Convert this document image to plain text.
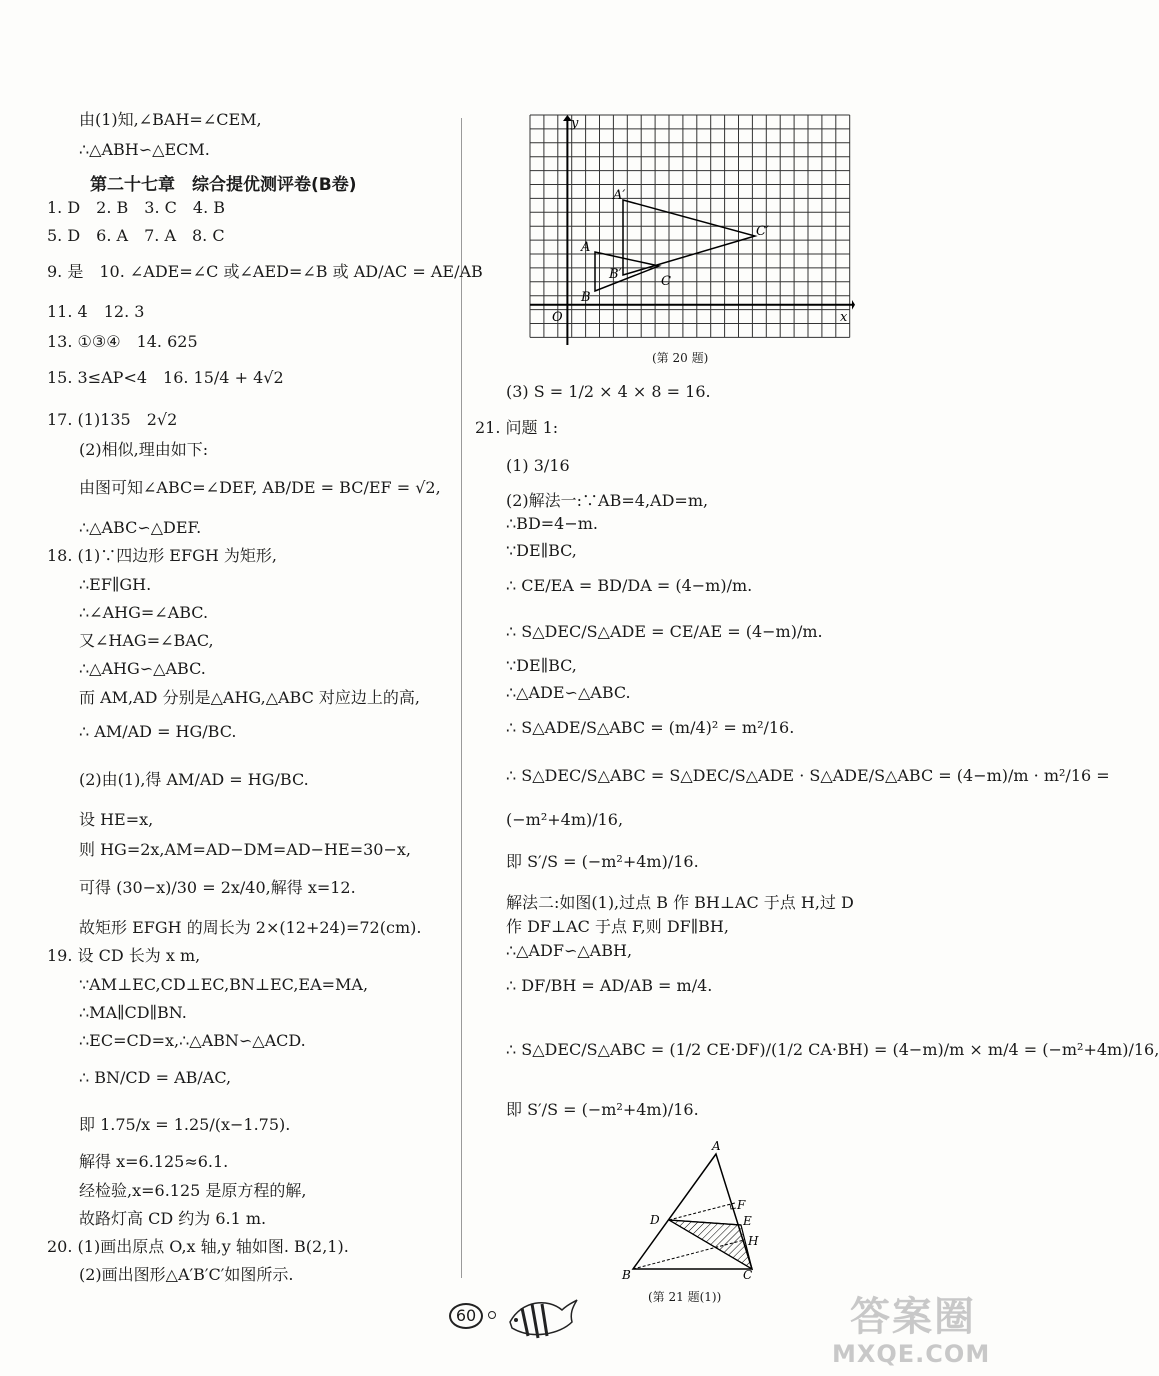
由(1)知,∠BAH=∠CEM,
∴△ABH∽△ECM.
第二十七章　综合提优测评卷(B卷)
1. D　2. B　3. C　4. B
5. D　6. A　7. A　8. C
9. 是　10. ∠ADE=∠C 或∠AED=∠B 或 AD/AC = AE/AB
11. 4　12. 3
13. ①③④　14. 625
15. 3≤AP<4　16. 15/4 + 4√2
17. (1)135　2√2
(2)相似,理由如下:
由图可知∠ABC=∠DEF, AB/DE = BC/EF = √2,
∴△ABC∽△DEF.
18. (1)∵四边形 EFGH 为矩形,
∴EF∥GH.
∴∠AHG=∠ABC.
又∠HAG=∠BAC,
∴△AHG∽△ABC.
而 AM,AD 分别是△AHG,△ABC 对应边上的高,
∴ AM/AD = HG/BC.
(2)由(1),得 AM/AD = HG/BC.
设 HE=x,
则 HG=2x,AM=AD−DM=AD−HE=30−x,
可得 (30−x)/30 = 2x/40,解得 x=12.
故矩形 EFGH 的周长为 2×(12+24)=72(cm).
19. 设 CD 长为 x m,
∵AM⊥EC,CD⊥EC,BN⊥EC,EA=MA,
∴MA∥CD∥BN.
∴EC=CD=x,∴△ABN∽△ACD.
∴ BN/CD = AB/AC,
即 1.75/x = 1.25/(x−1.75).
解得 x=6.125≈6.1.
经检验,x=6.125 是原方程的解,
故路灯高 CD 约为 6.1 m.
20. (1)画出原点 O,x 轴,y 轴如图. B(2,1).
(2)画出图形△A′B′C′如图所示.
y
x
O
A′
C′
A
B′	C
B
(第 20 题)
(3) S = 1/2 × 4 × 8 = 16.
21. 问题 1:
(1) 3/16
(2)解法一:∵AB=4,AD=m,
∴BD=4−m.
∵DE∥BC,
∴ CE/EA = BD/DA = (4−m)/m.
∴ S△DEC/S△ADE = CE/AE = (4−m)/m.
∵DE∥BC,
∴△ADE∽△ABC.
∴ S△ADE/S△ABC = (m/4)² = m²/16.
∴ S△DEC/S△ABC = S△DEC/S△ADE · S△ADE/S△ABC = (4−m)/m · m²/16 =
(−m²+4m)/16,
即 S′/S = (−m²+4m)/16.
解法二:如图(1),过点 B 作 BH⊥AC 于点 H,过 D
作 DF⊥AC 于点 F,则 DF∥BH,
∴△ADF∽△ABH,
∴ DF/BH = AD/AB = m/4.
∴ S△DEC/S△ABC = (1/2 CE·DF)/(1/2 CA·BH) = (4−m)/m × m/4 = (−m²+4m)/16,
即 S′/S = (−m²+4m)/16.
A
F
D	E
H
B	C
(第 21 题(1))
60	答案圈
MXQE.COM
